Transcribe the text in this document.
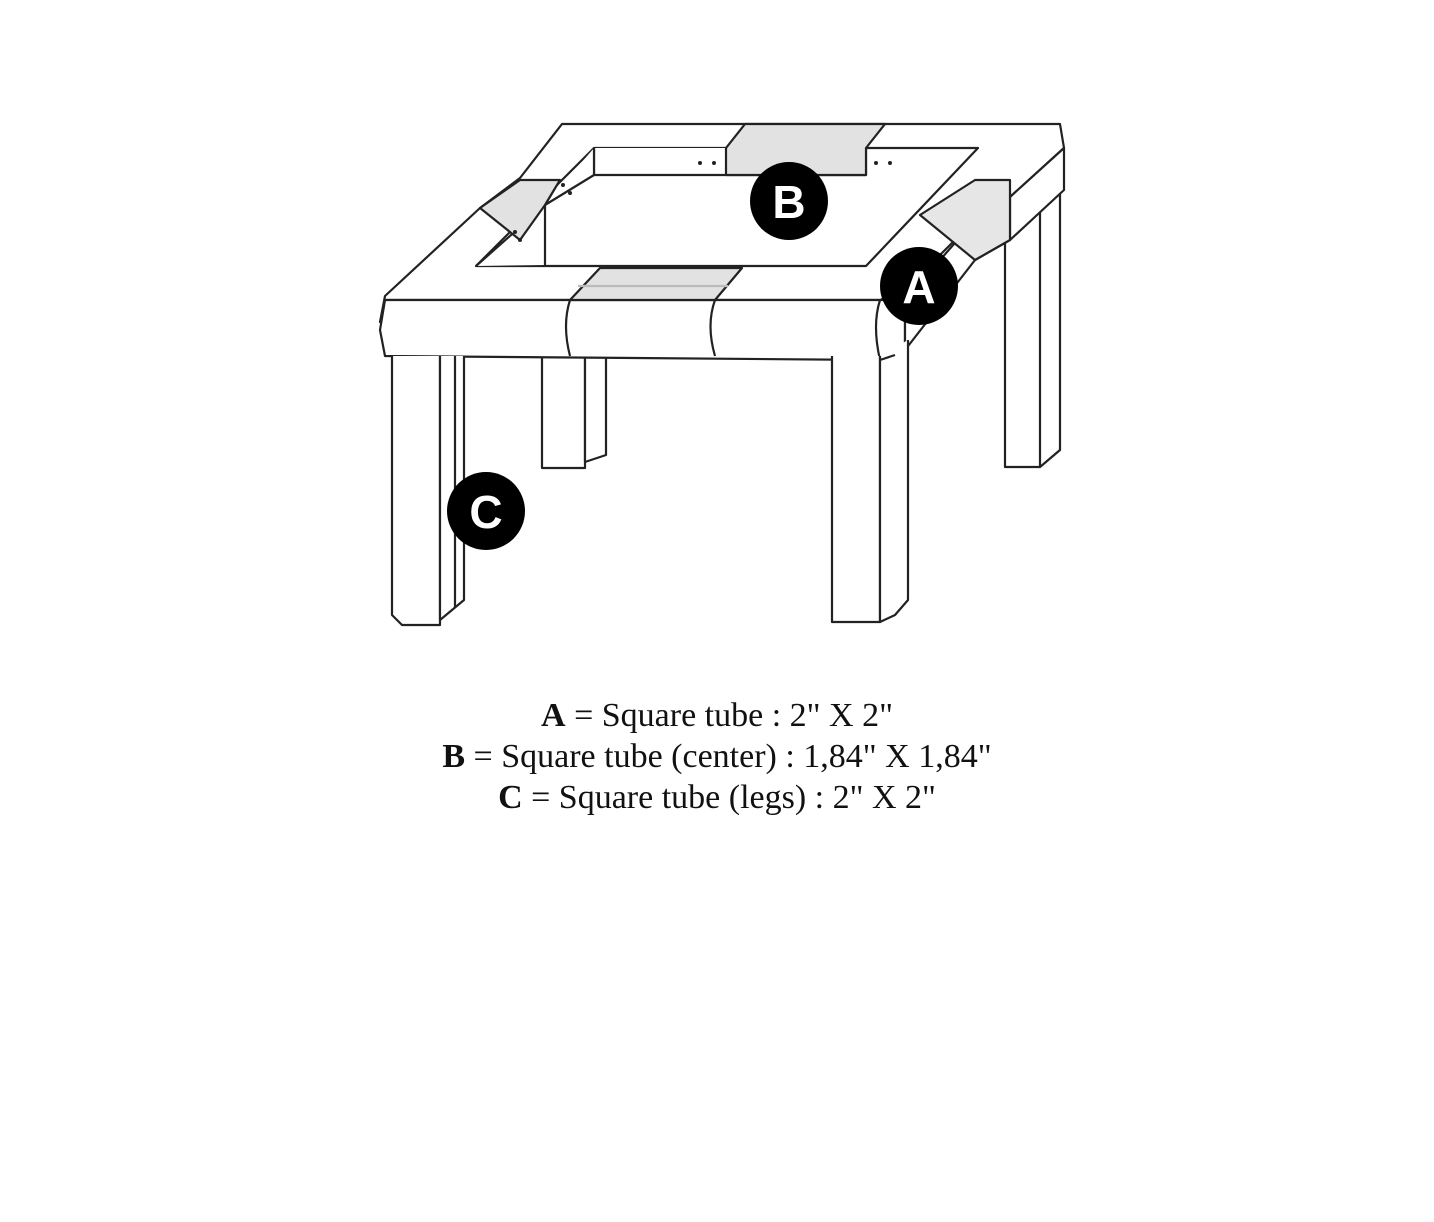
B
A
C
A = Square tube : 2" X 2"
B = Square tube (center) : 1,84" X 1,84"
C = Square tube (legs) : 2" X 2"
